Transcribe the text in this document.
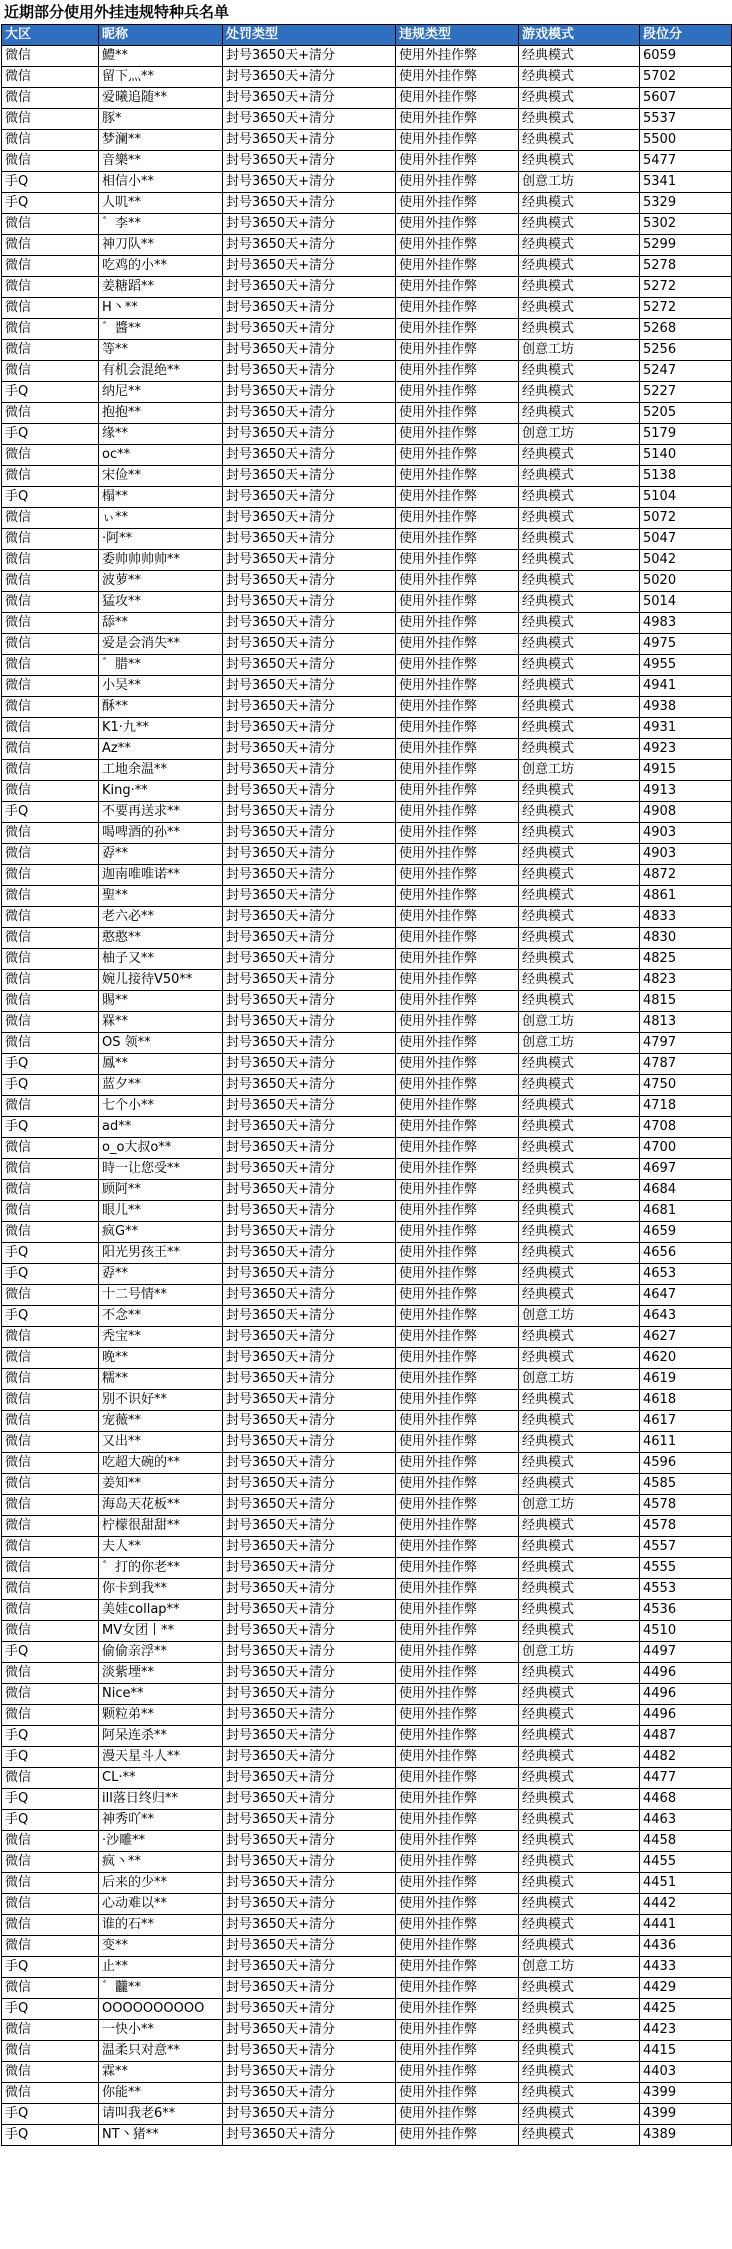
近期部分使用外挂违规特种兵名单
大区	昵称	处罚类型	违规类型	游戏模式	段位分
微信	鱧**	封号3650天+清分	使用外挂作弊	经典模式	6059
微信	留下灬**	封号3650天+清分	使用外挂作弊	经典模式	5702
微信	爱曦追随**	封号3650天+清分	使用外挂作弊	经典模式	5607
微信	豚*	封号3650天+清分	使用外挂作弊	经典模式	5537
微信	梦澜**	封号3650天+清分	使用外挂作弊	经典模式	5500
微信	音樂**	封号3650天+清分	使用外挂作弊	经典模式	5477
手Q	相信小**	封号3650天+清分	使用外挂作弊	创意工坊	5341
手Q	人叽**	封号3650天+清分	使用外挂作弊	经典模式	5329
微信	゛李**	封号3650天+清分	使用外挂作弊	经典模式	5302
微信	神刀队**	封号3650天+清分	使用外挂作弊	经典模式	5299
微信	吃鸡的小**	封号3650天+清分	使用外挂作弊	经典模式	5278
微信	姜糖蹈**	封号3650天+清分	使用外挂作弊	经典模式	5272
微信	H丶**	封号3650天+清分	使用外挂作弊	经典模式	5272
微信	゛醬**	封号3650天+清分	使用外挂作弊	经典模式	5268
微信	等**	封号3650天+清分	使用外挂作弊	创意工坊	5256
微信	有机会混绝**	封号3650天+清分	使用外挂作弊	经典模式	5247
手Q	纳尼**	封号3650天+清分	使用外挂作弊	经典模式	5227
微信	抱抱**	封号3650天+清分	使用外挂作弊	经典模式	5205
手Q	缘**	封号3650天+清分	使用外挂作弊	创意工坊	5179
微信	oc**	封号3650天+清分	使用外挂作弊	经典模式	5140
微信	宋俭**	封号3650天+清分	使用外挂作弊	经典模式	5138
手Q	榻**	封号3650天+清分	使用外挂作弊	经典模式	5104
微信	ぃ**	封号3650天+清分	使用外挂作弊	经典模式	5072
微信	·阿**	封号3650天+清分	使用外挂作弊	经典模式	5047
微信	委帅帅帅帅**	封号3650天+清分	使用外挂作弊	经典模式	5042
微信	波萝**	封号3650天+清分	使用外挂作弊	经典模式	5020
微信	猛攻**	封号3650天+清分	使用外挂作弊	经典模式	5014
微信	舔**	封号3650天+清分	使用外挂作弊	经典模式	4983
微信	爱是会消失**	封号3650天+清分	使用外挂作弊	经典模式	4975
微信	゛腊**	封号3650天+清分	使用外挂作弊	经典模式	4955
微信	小吴**	封号3650天+清分	使用外挂作弊	经典模式	4941
微信	酥**	封号3650天+清分	使用外挂作弊	经典模式	4938
微信	K1·九**	封号3650天+清分	使用外挂作弊	经典模式	4931
微信	Az**	封号3650天+清分	使用外挂作弊	经典模式	4923
微信	工地余温**	封号3650天+清分	使用外挂作弊	创意工坊	4915
微信	King·**	封号3650天+清分	使用外挂作弊	经典模式	4913
手Q	不要再送求**	封号3650天+清分	使用外挂作弊	经典模式	4908
微信	喝啤酒的孙**	封号3650天+清分	使用外挂作弊	经典模式	4903
微信	孬**	封号3650天+清分	使用外挂作弊	经典模式	4903
微信	迦南唯唯诺**	封号3650天+清分	使用外挂作弊	经典模式	4872
微信	聖**	封号3650天+清分	使用外挂作弊	经典模式	4861
微信	老六必**	封号3650天+清分	使用外挂作弊	经典模式	4833
微信	憨憨**	封号3650天+清分	使用外挂作弊	经典模式	4830
微信	柚子又**	封号3650天+清分	使用外挂作弊	经典模式	4825
微信	婉儿接待V50**	封号3650天+清分	使用外挂作弊	经典模式	4823
微信	賜**	封号3650天+清分	使用外挂作弊	经典模式	4815
微信	槑**	封号3650天+清分	使用外挂作弊	创意工坊	4813
微信	OS 领**	封号3650天+清分	使用外挂作弊	创意工坊	4797
手Q	鳳**	封号3650天+清分	使用外挂作弊	经典模式	4787
手Q	蓝夕**	封号3650天+清分	使用外挂作弊	经典模式	4750
微信	七个小**	封号3650天+清分	使用外挂作弊	经典模式	4718
手Q	ad**	封号3650天+清分	使用外挂作弊	经典模式	4708
微信	o_o大叔o**	封号3650天+清分	使用外挂作弊	经典模式	4700
微信	時一让您受**	封号3650天+清分	使用外挂作弊	经典模式	4697
微信	顾阿**	封号3650天+清分	使用外挂作弊	经典模式	4684
微信	眼儿**	封号3650天+清分	使用外挂作弊	经典模式	4681
微信	疯G**	封号3650天+清分	使用外挂作弊	经典模式	4659
手Q	阳光男孩王**	封号3650天+清分	使用外挂作弊	经典模式	4656
手Q	孬**	封号3650天+清分	使用外挂作弊	经典模式	4653
微信	十二号情**	封号3650天+清分	使用外挂作弊	经典模式	4647
手Q	不念**	封号3650天+清分	使用外挂作弊	创意工坊	4643
微信	秃宝**	封号3650天+清分	使用外挂作弊	经典模式	4627
微信	晚**	封号3650天+清分	使用外挂作弊	经典模式	4620
微信	糯**	封号3650天+清分	使用外挂作弊	创意工坊	4619
微信	别不识好**	封号3650天+清分	使用外挂作弊	经典模式	4618
微信	宠薇**	封号3650天+清分	使用外挂作弊	经典模式	4617
微信	又出**	封号3650天+清分	使用外挂作弊	经典模式	4611
微信	吃超大碗的**	封号3650天+清分	使用外挂作弊	经典模式	4596
微信	姜知**	封号3650天+清分	使用外挂作弊	经典模式	4585
微信	海岛天花板**	封号3650天+清分	使用外挂作弊	创意工坊	4578
微信	柠檬很甜甜**	封号3650天+清分	使用外挂作弊	经典模式	4578
微信	夫人**	封号3650天+清分	使用外挂作弊	经典模式	4557
微信	゛打的你老**	封号3650天+清分	使用外挂作弊	经典模式	4555
微信	你卡到我**	封号3650天+清分	使用外挂作弊	经典模式	4553
微信	美娃collap**	封号3650天+清分	使用外挂作弊	经典模式	4536
微信	MV女团丨**	封号3650天+清分	使用外挂作弊	经典模式	4510
手Q	偷偷亲浮**	封号3650天+清分	使用外挂作弊	创意工坊	4497
微信	淡紫堙**	封号3650天+清分	使用外挂作弊	经典模式	4496
微信	Nice**	封号3650天+清分	使用外挂作弊	经典模式	4496
微信	颗粒弟**	封号3650天+清分	使用外挂作弊	经典模式	4496
手Q	阿呆连杀**	封号3650天+清分	使用外挂作弊	经典模式	4487
手Q	漫天星斗人**	封号3650天+清分	使用外挂作弊	经典模式	4482
微信	CL·**	封号3650天+清分	使用外挂作弊	经典模式	4477
手Q	ill落日终归**	封号3650天+清分	使用外挂作弊	经典模式	4468
手Q	神秀吖**	封号3650天+清分	使用外挂作弊	经典模式	4463
微信	·沙雕**	封号3650天+清分	使用外挂作弊	经典模式	4458
微信	疯丶**	封号3650天+清分	使用外挂作弊	经典模式	4455
微信	后来的少**	封号3650天+清分	使用外挂作弊	经典模式	4451
微信	心动难以**	封号3650天+清分	使用外挂作弊	经典模式	4442
微信	谁的石**	封号3650天+清分	使用外挂作弊	经典模式	4441
微信	变**	封号3650天+清分	使用外挂作弊	经典模式	4436
手Q	止**	封号3650天+清分	使用外挂作弊	创意工坊	4433
微信	゛龖**	封号3650天+清分	使用外挂作弊	经典模式	4429
手Q	OOOOOOOOOO	封号3650天+清分	使用外挂作弊	经典模式	4425
微信	一快小**	封号3650天+清分	使用外挂作弊	经典模式	4423
微信	温柔只对意**	封号3650天+清分	使用外挂作弊	经典模式	4415
微信	霖**	封号3650天+清分	使用外挂作弊	经典模式	4403
微信	你能**	封号3650天+清分	使用外挂作弊	经典模式	4399
手Q	请叫我老6**	封号3650天+清分	使用外挂作弊	经典模式	4399
手Q	NT丶猪**	封号3650天+清分	使用外挂作弊	经典模式	4389
